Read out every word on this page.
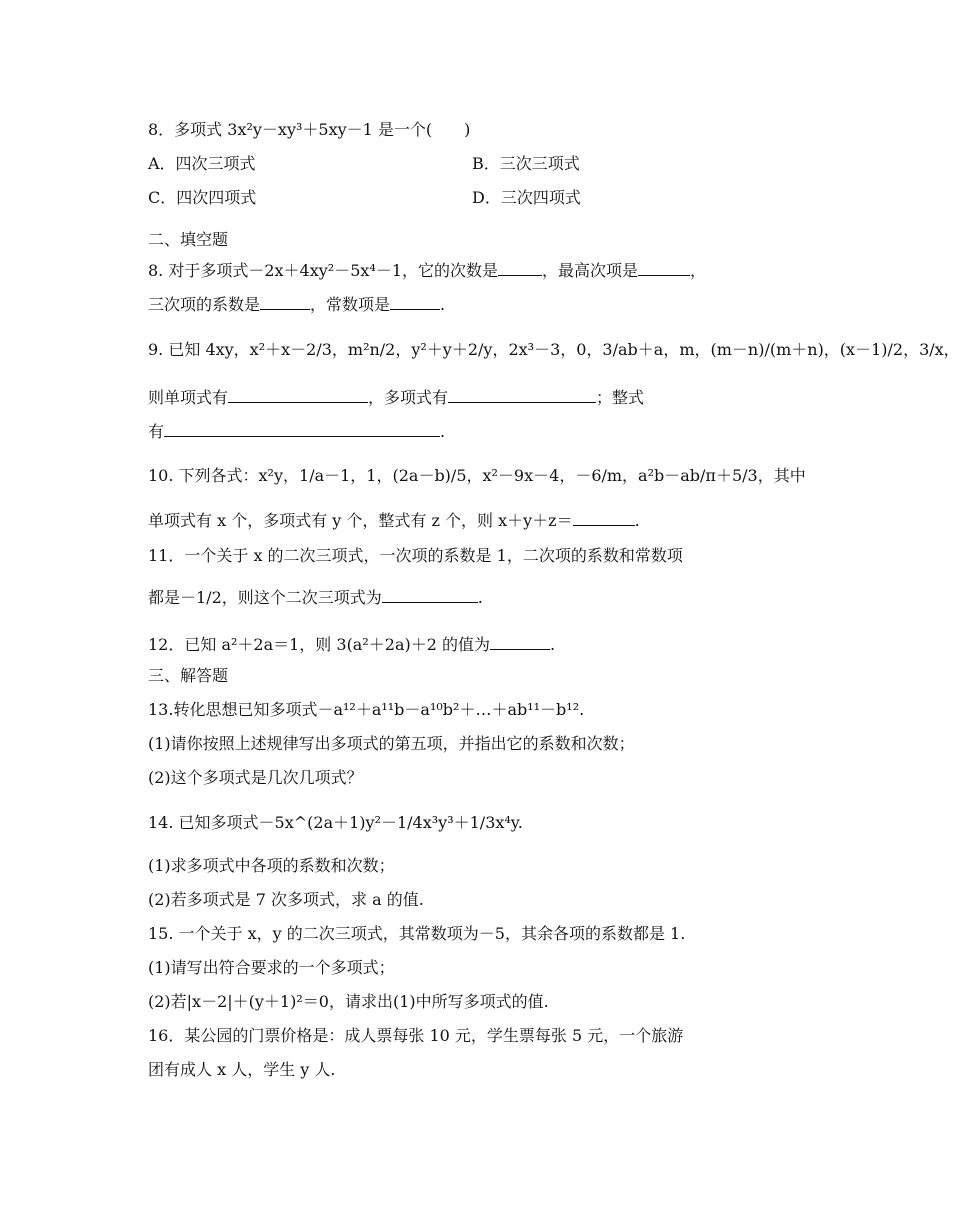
8．多项式 3x²y－xy³＋5xy－1 是一个(　　)
A．四次三项式	B．三次三项式
C．四次四项式	D．三次四项式
二、填空题
8. 对于多项式－2x＋4xy²－5x⁴－1，它的次数是	，最高次项是	，
三次项的系数是	，常数项是	.
9. 已知 4xy，x²＋x－2/3，m²n/2，y²＋y＋2/y，2x³－3，0，3/ab＋a，m，(m－n)/(m＋n)，(x－1)/2，3/x，
则单项式有	，多项式有	；整式
有	.
10. 下列各式：x²y，1/a－1，1，(2a－b)/5，x²－9x－4，－6/m，a²b－ab/π＋5/3，其中
单项式有 x 个，多项式有 y 个，整式有 z 个，则 x＋y＋z＝	.
11．一个关于 x 的二次三项式，一次项的系数是 1，二次项的系数和常数项
都是－1/2，则这个二次三项式为	.
12．已知 a²＋2a＝1，则 3(a²＋2a)＋2 的值为	.
三、解答题
13.转化思想已知多项式－a¹²＋a¹¹b－a¹⁰b²＋…＋ab¹¹－b¹².
(1)请你按照上述规律写出多项式的第五项，并指出它的系数和次数；
(2)这个多项式是几次几项式？
14. 已知多项式－5x^(2a＋1)y²－1/4x³y³＋1/3x⁴y.
(1)求多项式中各项的系数和次数；
(2)若多项式是 7 次多项式，求 a 的值.
15. 一个关于 x，y 的二次三项式，其常数项为－5，其余各项的系数都是 1.
(1)请写出符合要求的一个多项式；
(2)若|x－2|＋(y＋1)²＝0，请求出(1)中所写多项式的值.
16．某公园的门票价格是：成人票每张 10 元，学生票每张 5 元，一个旅游
团有成人 x 人，学生 y 人.
